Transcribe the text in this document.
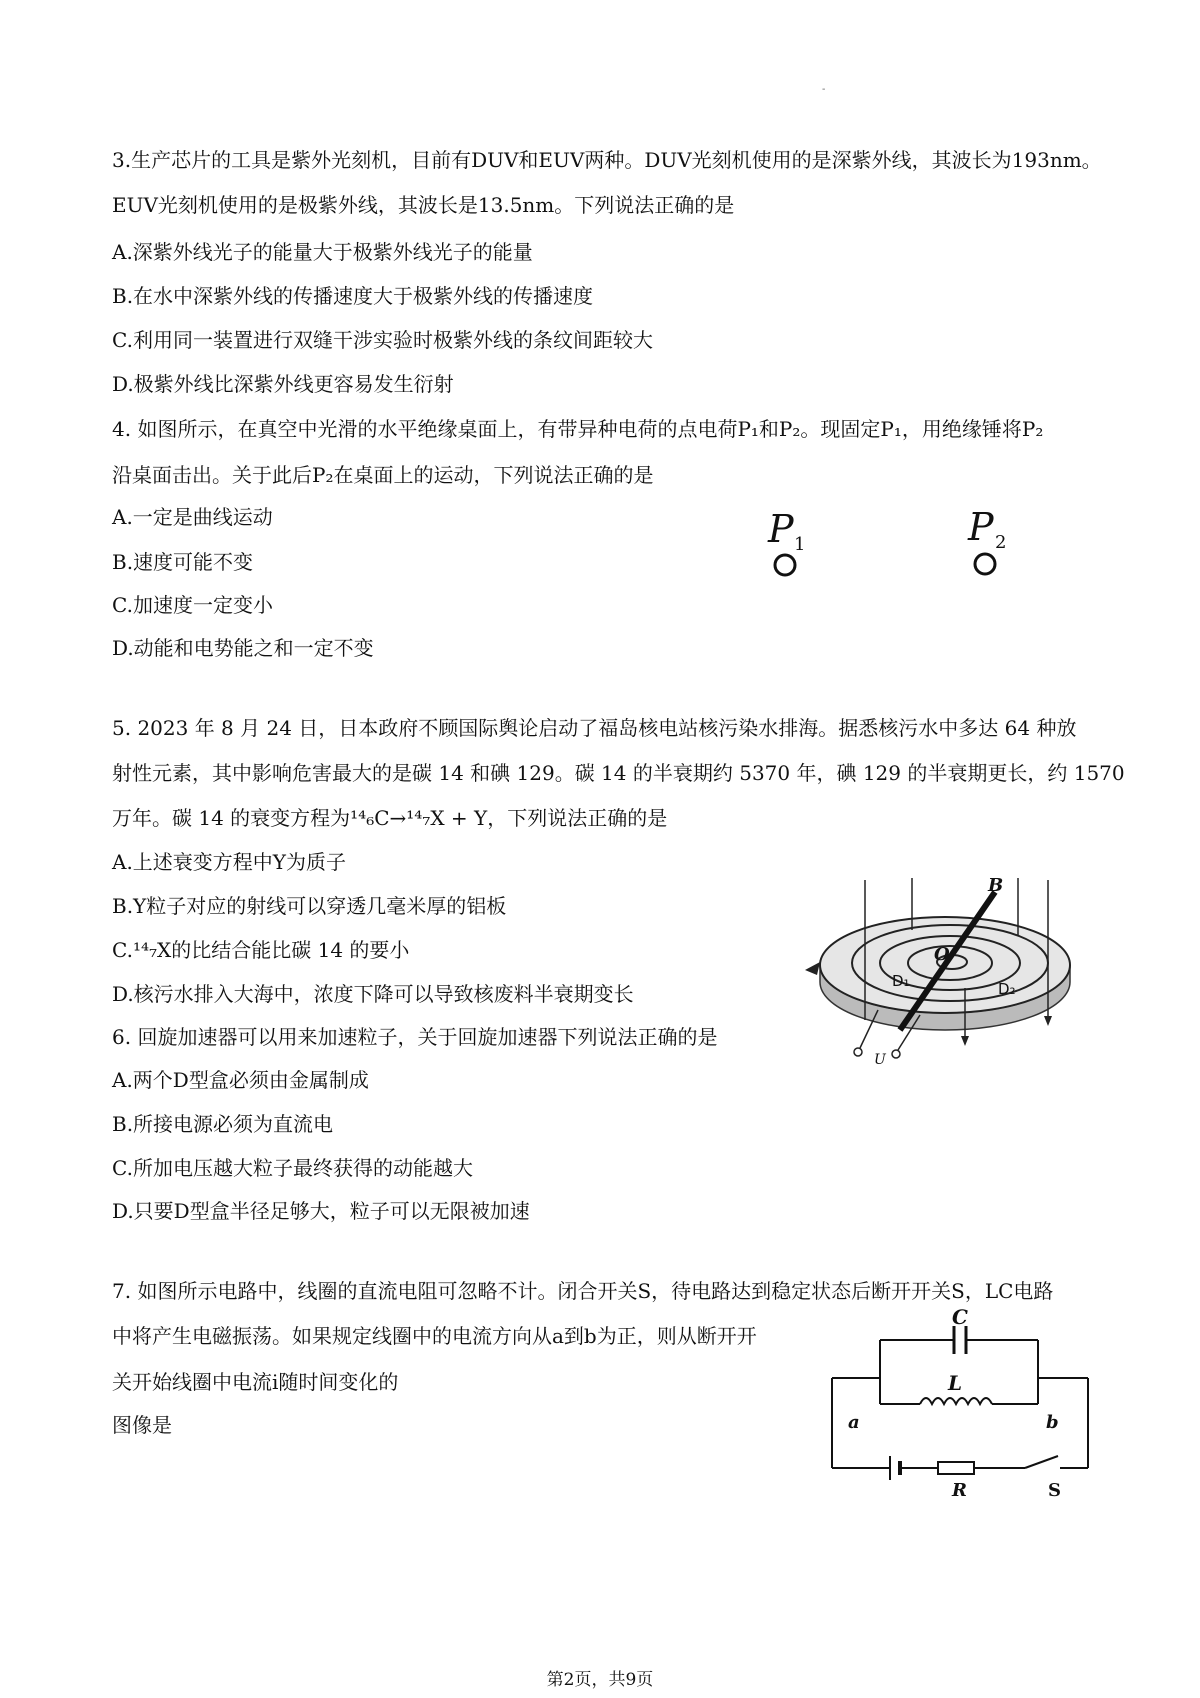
-
3.生产芯片的工具是紫外光刻机，目前有DUV和EUV两种。DUV光刻机使用的是深紫外线，其波长为193nm。
EUV光刻机使用的是极紫外线，其波长是13.5nm。下列说法正确的是
A.深紫外线光子的能量大于极紫外线光子的能量
B.在水中深紫外线的传播速度大于极紫外线的传播速度
C.利用同一装置进行双缝干涉实验时极紫外线的条纹间距较大
D.极紫外线比深紫外线更容易发生衍射
4. 如图所示，在真空中光滑的水平绝缘桌面上，有带异种电荷的点电荷P₁和P₂。现固定P₁，用绝缘锤将P₂
沿桌面击出。关于此后P₂在桌面上的运动，下列说法正确的是
A.一定是曲线运动
B.速度可能不变
C.加速度一定变小
D.动能和电势能之和一定不变
P 1	P 2
5. 2023 年 8 月 24 日，日本政府不顾国际舆论启动了福岛核电站核污染水排海。据悉核污水中多达 64 种放
射性元素，其中影响危害最大的是碳 14 和碘 129。碳 14 的半衰期约 5370 年，碘 129 的半衰期更长，约 1570
万年。碳 14 的衰变方程为¹⁴₆C→¹⁴₇X + Y，下列说法正确的是
A.上述衰变方程中Y为质子
B.Y粒子对应的射线可以穿透几毫米厚的铝板
C.¹⁴₇X的比结合能比碳 14 的要小
D.核污水排入大海中，浓度下降可以导致核废料半衰期变长
6. 回旋加速器可以用来加速粒子，关于回旋加速器下列说法正确的是
A.两个D型盒必须由金属制成
B.所接电源必须为直流电
C.所加电压越大粒子最终获得的动能越大
D.只要D型盒半径足够大，粒子可以无限被加速
B
O
D₁	D₂
U
7. 如图所示电路中，线圈的直流电阻可忽略不计。闭合开关S，待电路达到稳定状态后断开开关S，LC电路
中将产生电磁振荡。如果规定线圈中的电流方向从a到b为正，则从断开开
关开始线圈中电流i随时间变化的
图像是
C
L
a	b
R	S
第2页，共9页
